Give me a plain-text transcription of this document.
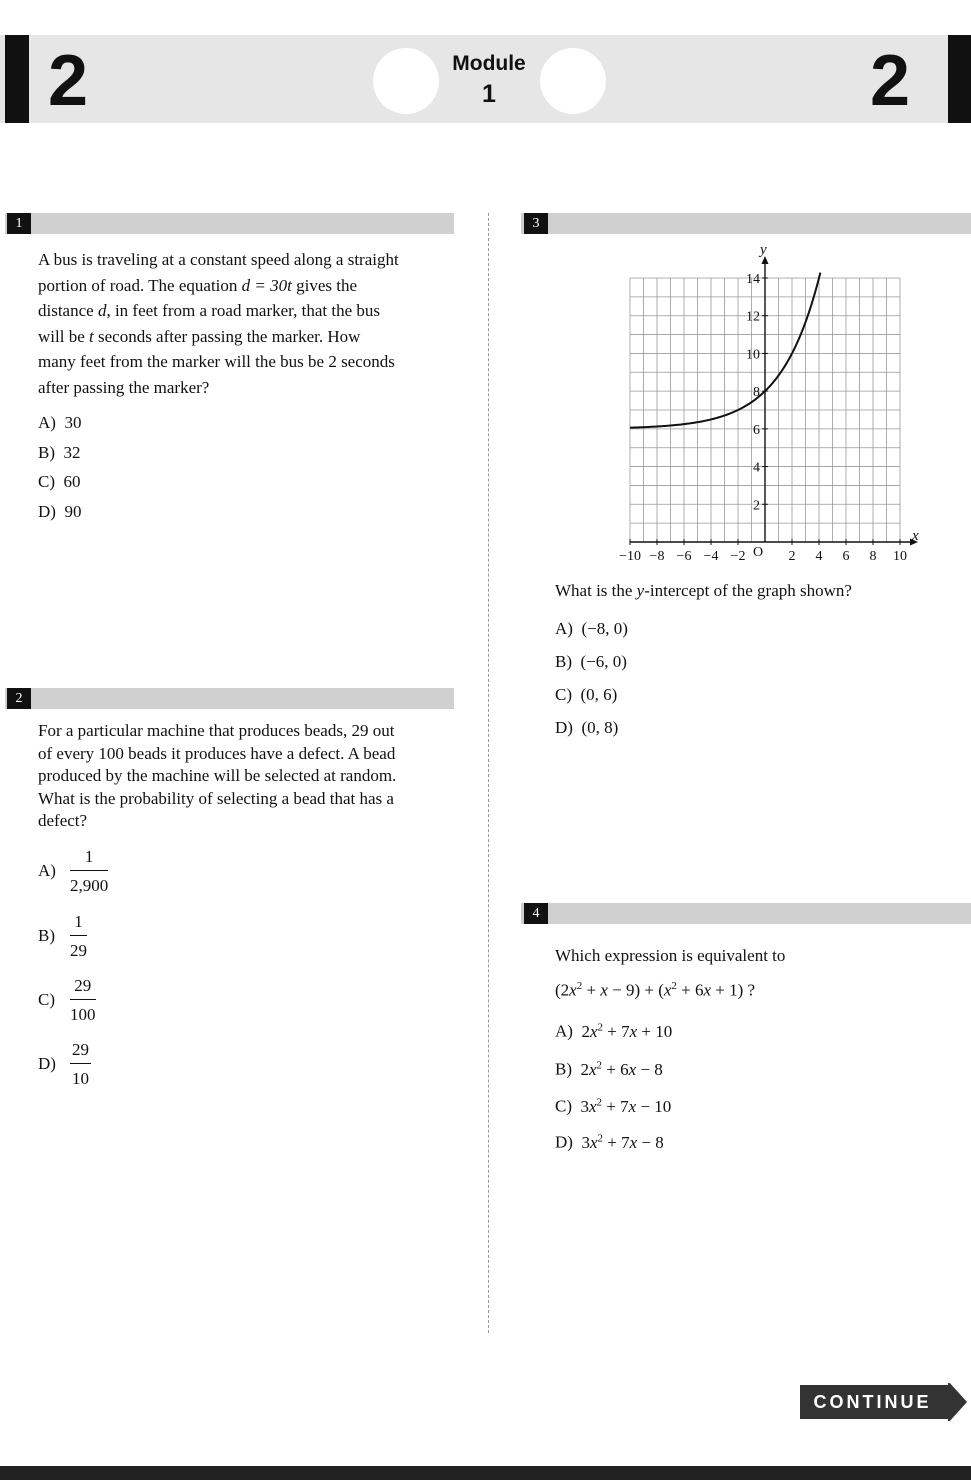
2	2
Module
1
1
A bus is traveling at a constant speed along a straight
portion of road. The equation d = 30t gives the
distance d, in feet from a road marker, that the bus
will be t seconds after passing the marker. How
many feet from the marker will the bus be 2 seconds
after passing the marker?
A) 30
B) 32
C) 60
D) 90
2
For a particular machine that produces beads, 29 out
of every 100 beads it produces have a defect. A bead
produced by the machine will be selected at random.
What is the probability of selecting a bead that has a
defect?
$A) \frac{1}{2,900}$
$B) \frac{1}{29}$
$C) \frac{29}{100}$
$D) \frac{29}{10}$
3
−10 −8 −6 −4 −2	2 4 6 8 10
2
4
6
8
10
12
14
O
x
y
What is the y-intercept of the graph shown?
A) (−8, 0)
B) (−6, 0)
C) (0, 6)
D) (0, 8)
4
Which expression is equivalent to
$(2x^2 + x - 9) + (x^2 + 6x + 1)$ ?
A) $2x^2 + 7x + 10$
B) $2x^2 + 6x - 8$
C) $3x^2 + 7x - 10$
D) $3x^2 + 7x - 8$
CONTINUE
